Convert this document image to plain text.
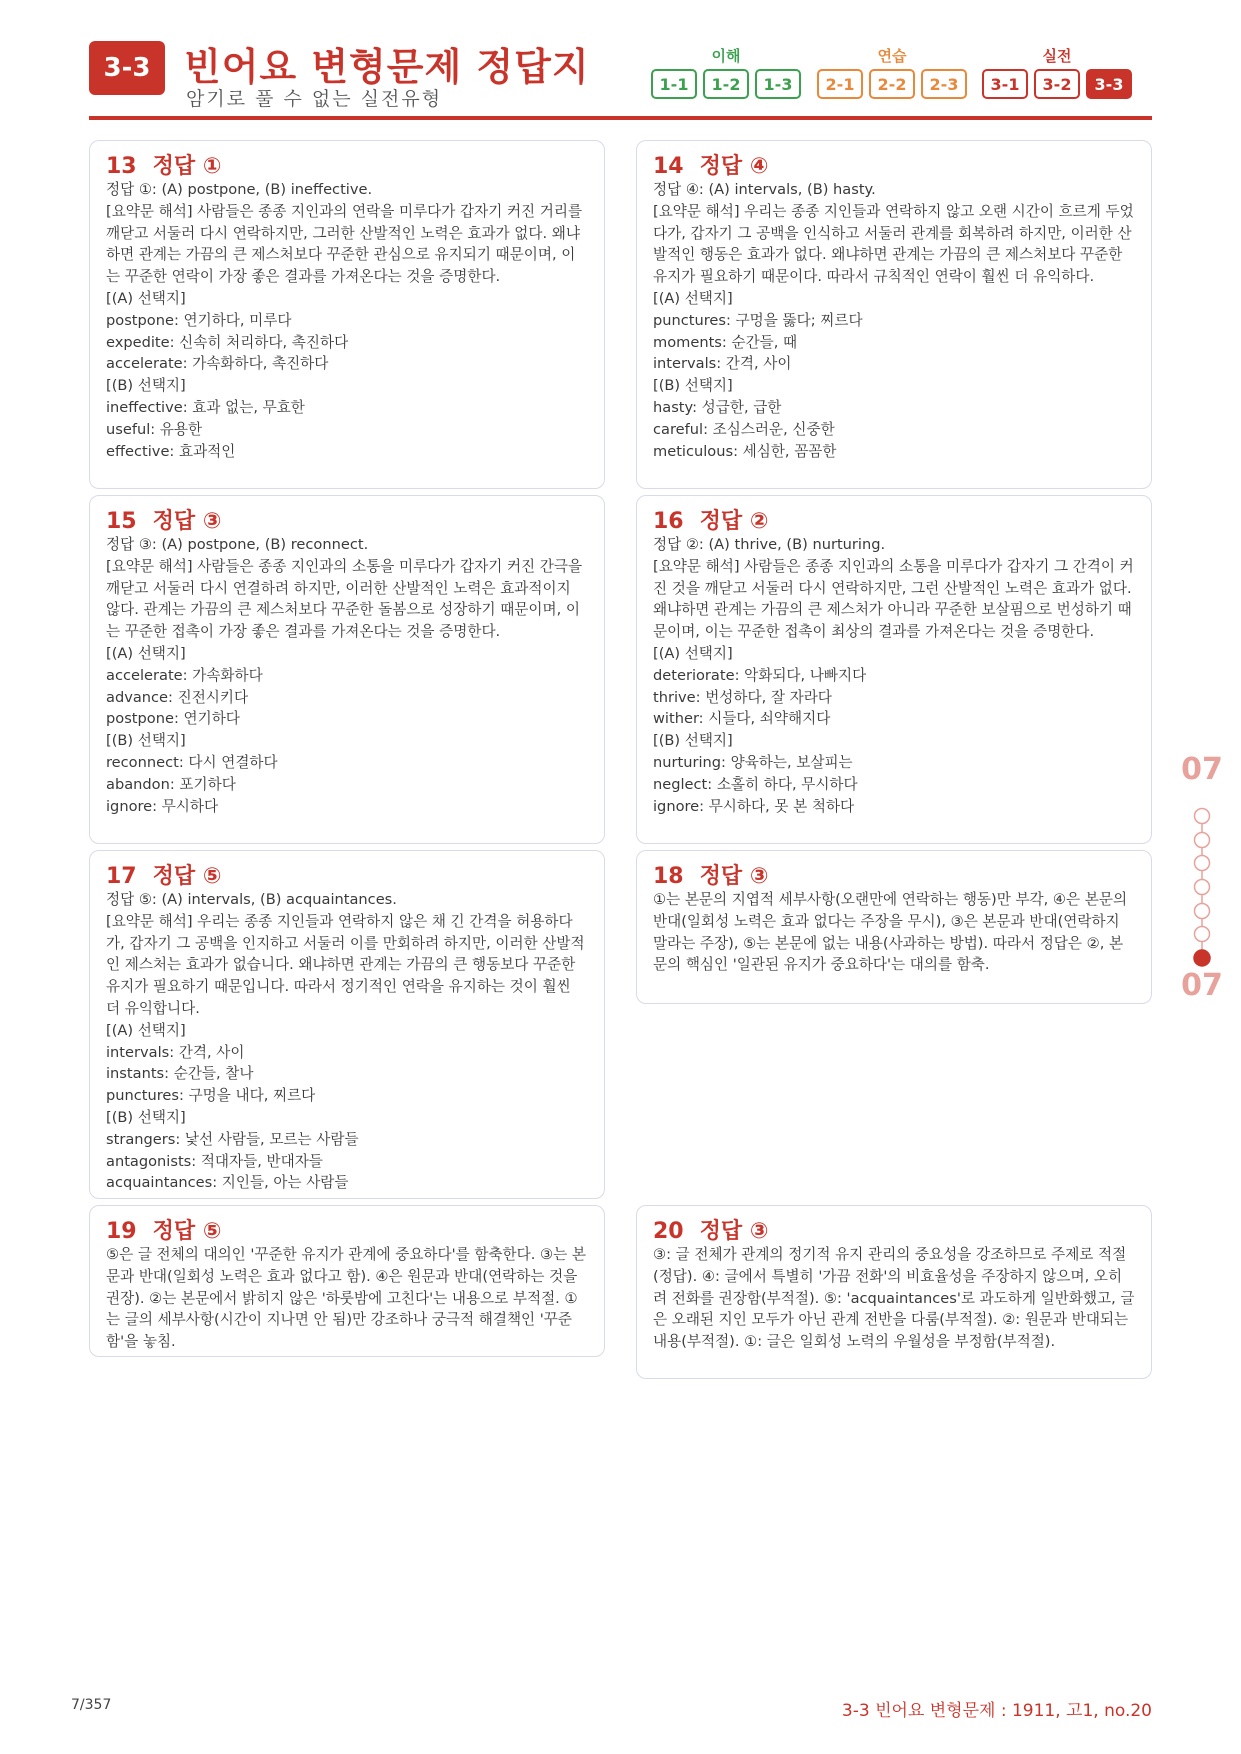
3-3 빈어요 변형문제 정답지
암기로 풀 수 없는 실전유형
이해
1-1	1-2	1-3
연습
2-1	2-2	2-3
실전
3-1	3-2	3-3
13 정답 ①

정답 ①: (A) postpone, (B) ineffective.

[요약문 해석] 사람들은 종종 지인과의 연락을 미루다가 갑자기 커진 거리를 깨닫고 서둘러 다시 연락하지만, 그러한 산발적인 노력은 효과가 없다. 왜냐하면 관계는 가끔의 큰 제스처보다 꾸준한 관심으로 유지되기 때문이며, 이는 꾸준한 연락이 가장 좋은 결과를 가져온다는 것을 증명한다.

[(A) 선택지]

postpone: 연기하다, 미루다

expedite: 신속히 처리하다, 촉진하다

accelerate: 가속화하다, 촉진하다

[(B) 선택지]

ineffective: 효과 없는, 무효한

useful: 유용한

effective: 효과적인

14 정답 ④

정답 ④: (A) intervals, (B) hasty.

[요약문 해석] 우리는 종종 지인들과 연락하지 않고 오랜 시간이 흐르게 두었다가, 갑자기 그 공백을 인식하고 서둘러 관계를 회복하려 하지만, 이러한 산발적인 행동은 효과가 없다. 왜냐하면 관계는 가끔의 큰 제스처보다 꾸준한 유지가 필요하기 때문이다. 따라서 규칙적인 연락이 훨씬 더 유익하다.

[(A) 선택지]

punctures: 구멍을 뚫다; 찌르다

moments: 순간들, 때

intervals: 간격, 사이

[(B) 선택지]

hasty: 성급한, 급한

careful: 조심스러운, 신중한

meticulous: 세심한, 꼼꼼한

15 정답 ③

정답 ③: (A) postpone, (B) reconnect.

[요약문 해석] 사람들은 종종 지인과의 소통을 미루다가 갑자기 커진 간극을 깨닫고 서둘러 다시 연결하려 하지만, 이러한 산발적인 노력은 효과적이지 않다. 관계는 가끔의 큰 제스처보다 꾸준한 돌봄으로 성장하기 때문이며, 이는 꾸준한 접촉이 가장 좋은 결과를 가져온다는 것을 증명한다.

[(A) 선택지]

accelerate: 가속화하다

advance: 진전시키다

postpone: 연기하다

[(B) 선택지]

reconnect: 다시 연결하다

abandon: 포기하다

ignore: 무시하다

16 정답 ②

정답 ②: (A) thrive, (B) nurturing.

[요약문 해석] 사람들은 종종 지인과의 소통을 미루다가 갑자기 그 간격이 커진 것을 깨닫고 서둘러 다시 연락하지만, 그런 산발적인 노력은 효과가 없다. 왜냐하면 관계는 가끔의 큰 제스처가 아니라 꾸준한 보살핌으로 번성하기 때문이며, 이는 꾸준한 접촉이 최상의 결과를 가져온다는 것을 증명한다.

[(A) 선택지]

deteriorate: 악화되다, 나빠지다

thrive: 번성하다, 잘 자라다

wither: 시들다, 쇠약해지다

[(B) 선택지]

nurturing: 양육하는, 보살피는

neglect: 소홀히 하다, 무시하다

ignore: 무시하다, 못 본 척하다

17 정답 ⑤

정답 ⑤: (A) intervals, (B) acquaintances.

[요약문 해석] 우리는 종종 지인들과 연락하지 않은 채 긴 간격을 허용하다가, 갑자기 그 공백을 인지하고 서둘러 이를 만회하려 하지만, 이러한 산발적인 제스처는 효과가 없습니다. 왜냐하면 관계는 가끔의 큰 행동보다 꾸준한 유지가 필요하기 때문입니다. 따라서 정기적인 연락을 유지하는 것이 훨씬 더 유익합니다.

[(A) 선택지]

intervals: 간격, 사이

instants: 순간들, 찰나

punctures: 구멍을 내다, 찌르다

[(B) 선택지]

strangers: 낯선 사람들, 모르는 사람들

antagonists: 적대자들, 반대자들

acquaintances: 지인들, 아는 사람들

18 정답 ③

①는 본문의 지엽적 세부사항(오랜만에 연락하는 행동)만 부각, ④은 본문의 반대(일회성 노력은 효과 없다는 주장을 무시), ③은 본문과 반대(연락하지 말라는 주장), ⑤는 본문에 없는 내용(사과하는 방법). 따라서 정답은 ②, 본문의 핵심인 '일관된 유지가 중요하다'는 대의를 함축.

19 정답 ⑤

⑤은 글 전체의 대의인 '꾸준한 유지가 관계에 중요하다'를 함축한다. ③는 본문과 반대(일회성 노력은 효과 없다고 함). ④은 원문과 반대(연락하는 것을 권장). ②는 본문에서 밝히지 않은 '하룻밤에 고친다'는 내용으로 부적절. ①는 글의 세부사항(시간이 지나면 안 됨)만 강조하나 궁극적 해결책인 '꾸준함'을 놓침.

20 정답 ③

③: 글 전체가 관계의 정기적 유지 관리의 중요성을 강조하므로 주제로 적절(정답). ④: 글에서 특별히 '가끔 전화'의 비효율성을 주장하지 않으며, 오히려 전화를 권장함(부적절). ⑤: 'acquaintances'로 과도하게 일반화했고, 글은 오래된 지인 모두가 아닌 관계 전반을 다룸(부적절). ②: 원문과 반대되는 내용(부적절). ①: 글은 일회성 노력의 우월성을 부정함(부적절).

07
07
7/357	3-3 빈어요 변형문제 : 1911, 고1, no.20
